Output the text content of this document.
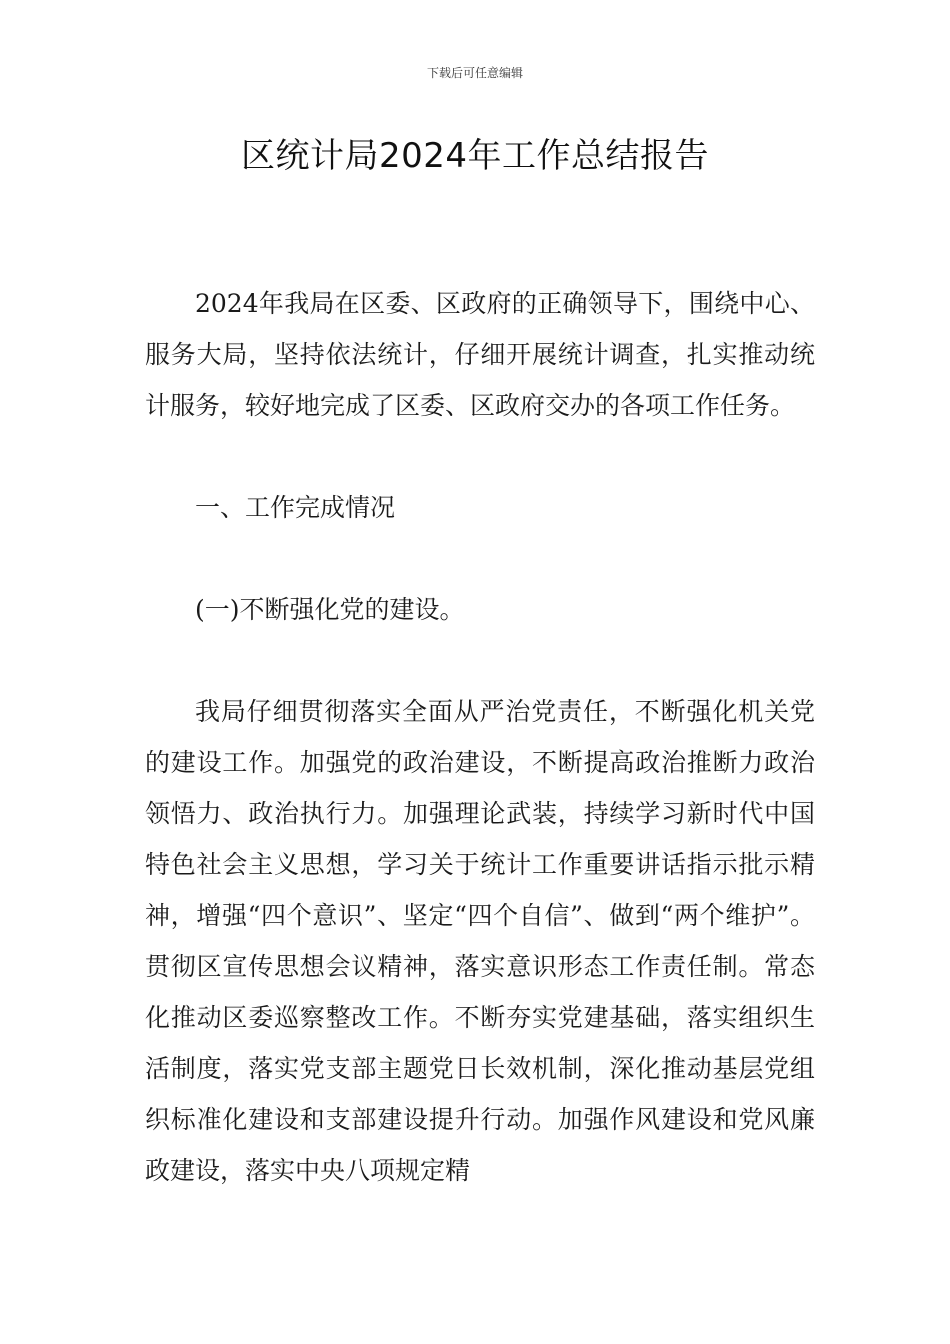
下载后可任意编辑
区统计局2024年工作总结报告

2024年我局在区委、区政府的正确领导下，围绕中心、服务大局，坚持依法统计，仔细开展统计调查，扎实推动统计服务，较好地完成了区委、区政府交办的各项工作任务。

一、工作完成情况

(一)不断强化党的建设。

我局仔细贯彻落实全面从严治党责任，不断强化机关党的建设工作。加强党的政治建设，不断提高政治推断力政治领悟力、政治执行力。加强理论武装，持续学习新时代中国特色社会主义思想，学习关于统计工作重要讲话指示批示精神，增强“四个意识”、坚定“四个自信”、做到“两个维护”。贯彻区宣传思想会议精神，落实意识形态工作责任制。常态化推动区委巡察整改工作。不断夯实党建基础，落实组织生活制度，落实党支部主题党日长效机制，深化推动基层党组织标准化建设和支部建设提升行动。加强作风建设和党风廉政建设，落实中央八项规定精
